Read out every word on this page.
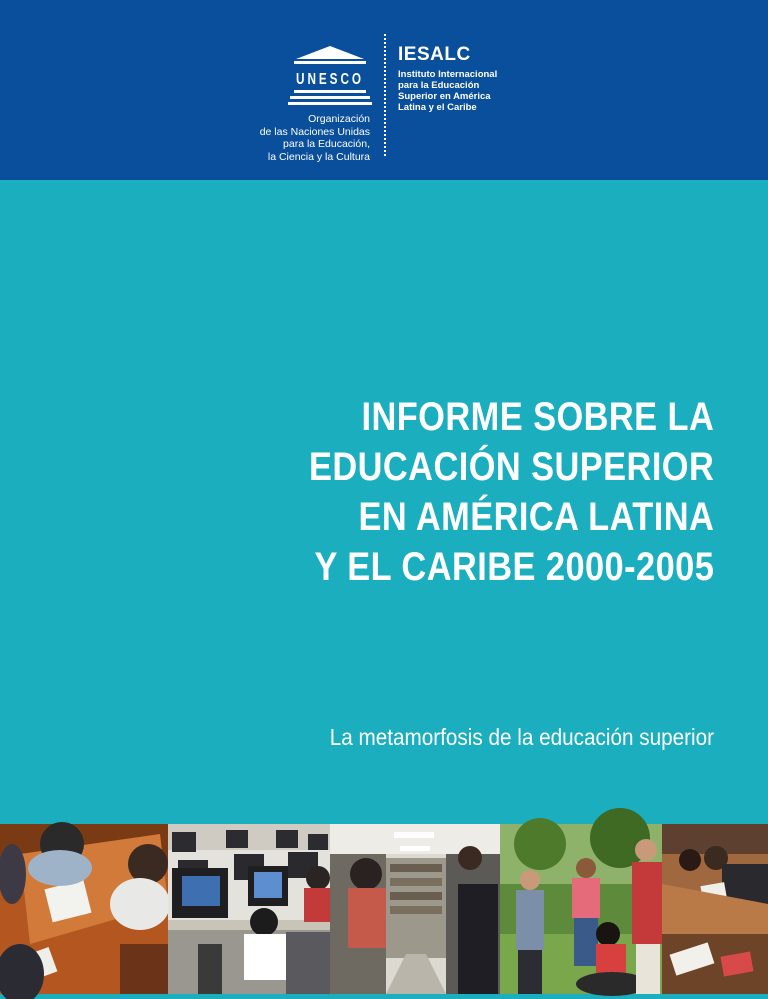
UNESCO
Organización
de las Naciones Unidas
para la Educación,
la Ciencia y la Cultura
IESALC
Instituto Internacional
para la Educación
Superior en América
Latina y el Caribe
INFORME SOBRE LA
EDUCACIÓN SUPERIOR
EN AMÉRICA LATINA
Y EL CARIBE 2000-2005
La metamorfosis de la educación superior
